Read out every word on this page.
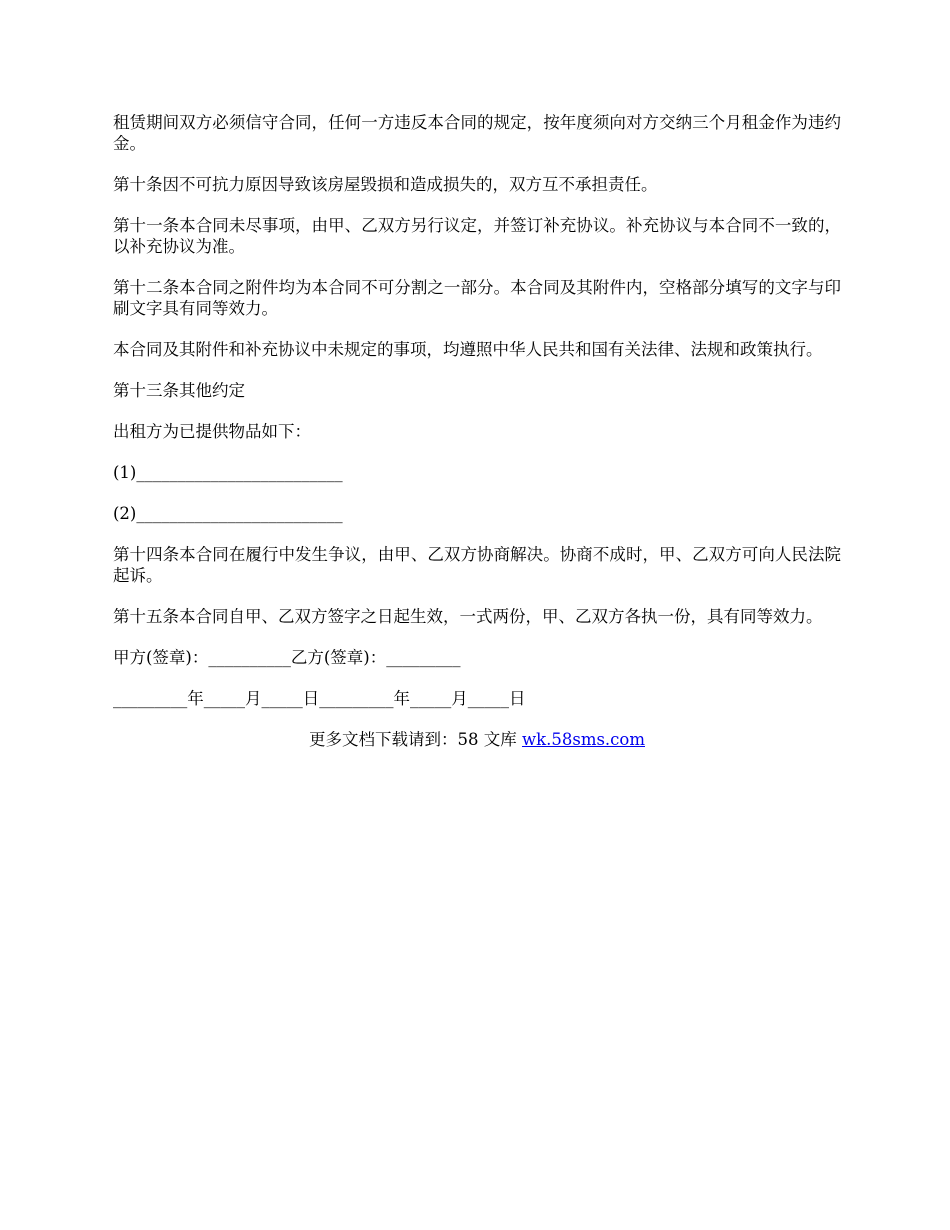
租赁期间双方必须信守合同，任何一方违反本合同的规定，按年度须向对方交纳三个月租金作为违约金。

第十条因不可抗力原因导致该房屋毁损和造成损失的，双方互不承担责任。

第十一条本合同未尽事项，由甲、乙双方另行议定，并签订补充协议。补充协议与本合同不一致的，以补充协议为准。

第十二条本合同之附件均为本合同不可分割之一部分。本合同及其附件内，空格部分填写的文字与印刷文字具有同等效力。

本合同及其附件和补充协议中未规定的事项，均遵照中华人民共和国有关法律、法规和政策执行。

第十三条其他约定

出租方为已提供物品如下：

(1)_________________________

(2)_________________________

第十四条本合同在履行中发生争议，由甲、乙双方协商解决。协商不成时，甲、乙双方可向人民法院起诉。

第十五条本合同自甲、乙双方签字之日起生效，一式两份，甲、乙双方各执一份，具有同等效力。

甲方(签章)：__________乙方(签章)：_________

_________年_____月_____日_________年_____月_____日

更多文档下载请到：58 文库 wk.58sms.com
